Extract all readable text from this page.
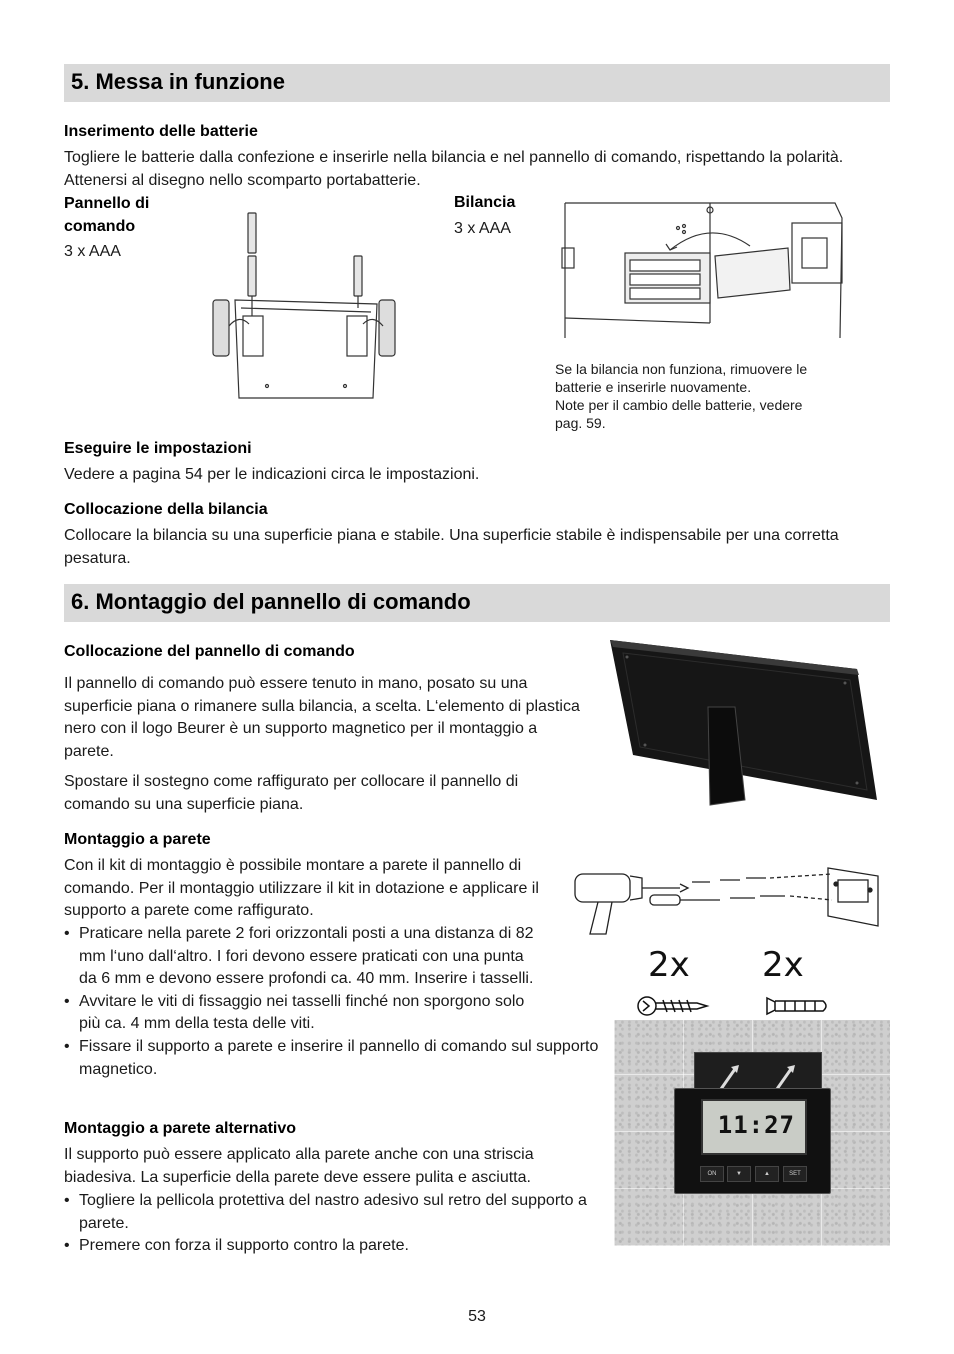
5. Messa in funzione
Inserimento delle batterie
Togliere le batterie dalla confezione e inserirle nella bilancia e nel pannello di comando, rispettando la polarità. Attenersi al disegno nello scomparto portabatterie.
Pannello di
comando
3 x AAA
Bilancia
3 x AAA
Se la bilancia non funziona, rimuovere le
batterie e inserirle nuovamente.
Note per il cambio delle batterie, vedere
pag. 59.
Eseguire le impostazioni
Vedere a pagina 54 per le indicazioni circa le impostazioni.
Collocazione della bilancia
Collocare la bilancia su una superficie piana e stabile. Una superficie stabile è indispensabile per una corretta pesatura.
6. Montaggio del pannello di comando
Collocazione del pannello di comando
Il pannello di comando può essere tenuto in mano, posato su una superficie piana o rimanere sulla bilancia, a scelta. L‘elemento di plastica nero con il logo Beurer è un supporto magnetico per il montaggio a parete.
Spostare il sostegno come raffigurato per collocare il pannello di comando su una superficie piana.
Montaggio a parete
Con il kit di montaggio è possibile montare a parete il pannello di comando. Per il montaggio utilizzare il kit in dotazione e applicare il supporto a parete come raffigurato.
• Praticare nella parete 2 fori orizzontali posti a una distanza di 82 mm l‘uno dall‘altro. I fori devono essere praticati con una punta da 6 mm e devono essere profondi ca. 40 mm. Inserire i tasselli.
• Avvitare le viti di fissaggio nei tasselli finché non sporgono solo più ca. 4 mm della testa delle viti.
• Fissare il supporto a parete e inserire il pannello di comando sul supporto magnetico.
2x 2x
11:27
ON	▼	▲	SET
Montaggio a parete alternativo
Il supporto può essere applicato alla parete anche con una striscia biadesiva. La superficie della parete deve essere pulita e asciutta.
• Togliere la pellicola protettiva del nastro adesivo sul retro del supporto a parete.
• Premere con forza il supporto contro la parete.
53
